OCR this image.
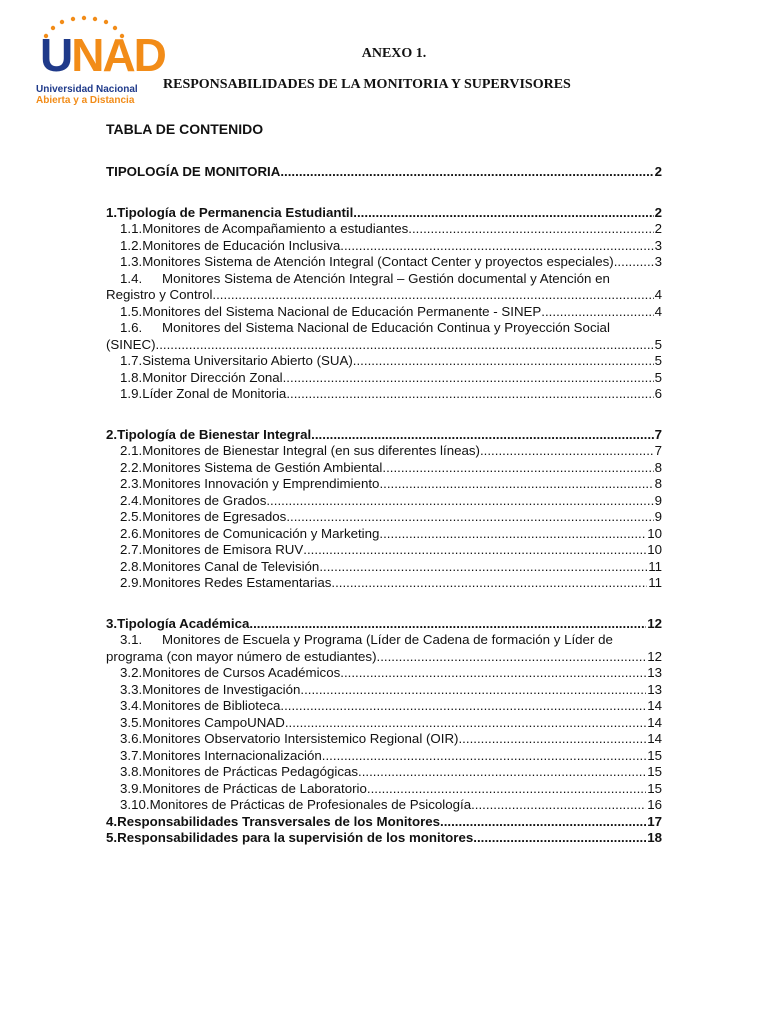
UNAD
Universidad Nacional
Abierta y a Distancia
ANEXO 1.
RESPONSABILIDADES DE LA MONITORIA Y SUPERVISORES
TABLA DE CONTENIDO
TIPOLOGÍA DE MONITORIA .....	2
1. Tipología de Permanencia Estudiantil .....	2
1.1. Monitores de Acompañamiento a estudiantes .....	2
1.2. Monitores de Educación Inclusiva .....	3
1.3. Monitores Sistema de Atención Integral (Contact Center y proyectos especiales) .....	3
1.4.	Monitores Sistema de Atención Integral – Gestión documental y Atención en
Registro y Control .....	4
1.5. Monitores del Sistema Nacional de Educación Permanente - SINEP .....	4
1.6.	Monitores del Sistema Nacional de Educación Continua y Proyección Social
(SINEC) .....	5
1.7. Sistema Universitario Abierto (SUA) .....	5
1.8. Monitor Dirección Zonal .....	5
1.9. Líder Zonal de Monitoria .....	6
2. Tipología de Bienestar Integral .....	7
2.1. Monitores de Bienestar Integral (en sus diferentes líneas) .....	7
2.2. Monitores Sistema de Gestión Ambiental .....	8
2.3. Monitores Innovación y Emprendimiento .....	8
2.4. Monitores de Grados .....	9
2.5. Monitores de Egresados .....	9
2.6. Monitores de Comunicación y Marketing .....	10
2.7. Monitores de Emisora RUV .....	10
2.8. Monitores Canal de Televisión .....	11
2.9. Monitores Redes Estamentarias .....	11
3. Tipología Académica .....	12
3.1.	Monitores de Escuela y Programa (Líder de Cadena de formación y Líder de
programa (con mayor número de estudiantes). .....	12
3.2. Monitores de Cursos Académicos .....	13
3.3. Monitores de Investigación .....	13
3.4. Monitores de Biblioteca .....	14
3.5. Monitores CampoUNAD .....	14
3.6. Monitores Observatorio Intersistemico Regional (OIR) .....	14
3.7. Monitores Internacionalización .....	15
3.8. Monitores de Prácticas Pedagógicas .....	15
3.9. Monitores de Prácticas de Laboratorio .....	15
3.10. Monitores de Prácticas de Profesionales de Psicología .....	16
4. Responsabilidades Transversales de los Monitores .....	17
5. Responsabilidades para la supervisión de los monitores. .....	18
